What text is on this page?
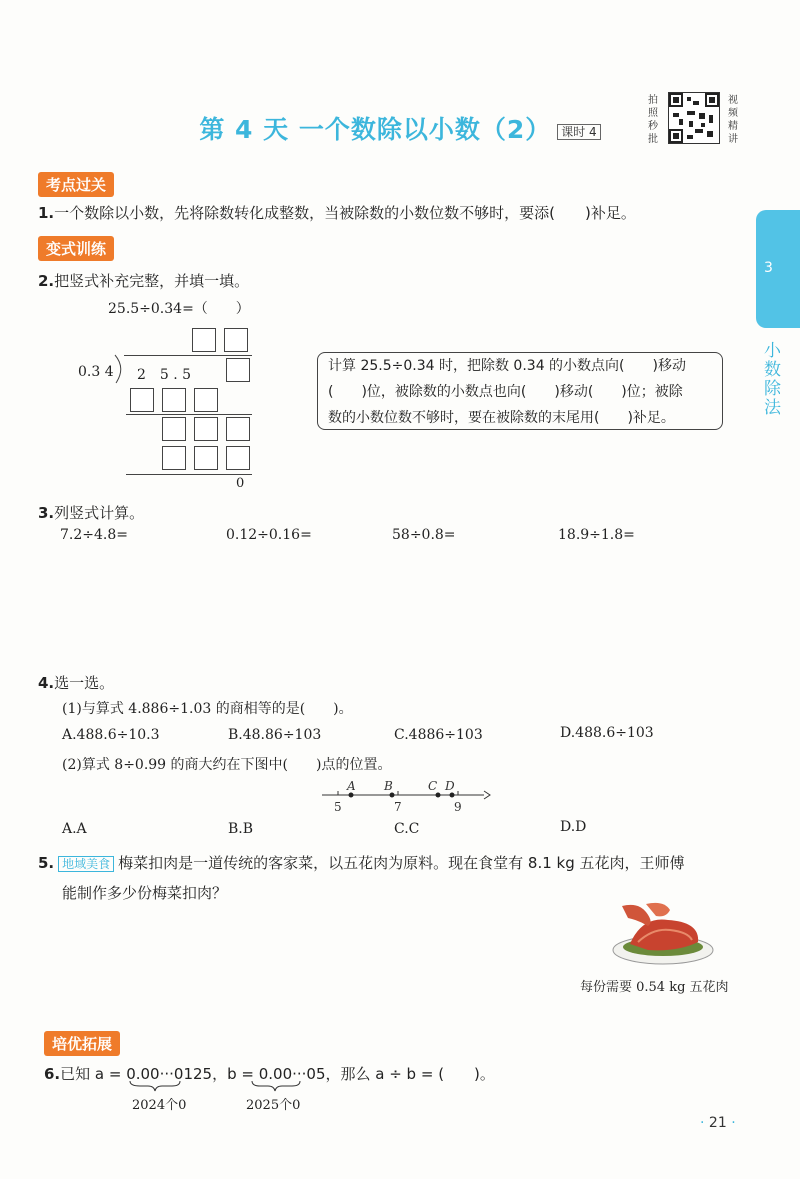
第 4 天 一个数除以小数（2） 课时 4
拍照秒批
视频精讲
3
小数除法
考点过关
1.一个数除以小数，先将除数转化成整数，当被除数的小数位数不够时，要添( )补足。
变式训练
2.把竖式补充完整，并填一填。
25.5÷0.34=（　　）
0.3 4 2　5 . 5
0
计算 25.5÷0.34 时，把除数 0.34 的小数点向(　　)移动
(　　)位，被除数的小数点也向(　　)移动(　　)位；被除
数的小数位数不够时，要在被除数的末尾用(　　)补足。
3.列竖式计算。
7.2÷4.8=	0.12÷0.16=	58÷0.8=	18.9÷1.8=
4.选一选。
(1)与算式 4.886÷1.03 的商相等的是(　　)。
A.488.6÷10.3	B.48.86÷103	C.4886÷103	D.488.6÷103
(2)算式 8÷0.99 的商大约在下图中(　　)点的位置。
5	7	9
A B	C D
A.A	B.B	C.C	D.D
5. 地域美食 梅菜扣肉是一道传统的客家菜，以五花肉为原料。现在食堂有 8.1 kg 五花肉，王师傅
能制作多少份梅菜扣肉？
每份需要 0.54 kg 五花肉
培优拓展
6.已知 a = 0.00···0125，b = 0.00···05，那么 a ÷ b = ( )。
2024个0	2025个0
· 21 ·
